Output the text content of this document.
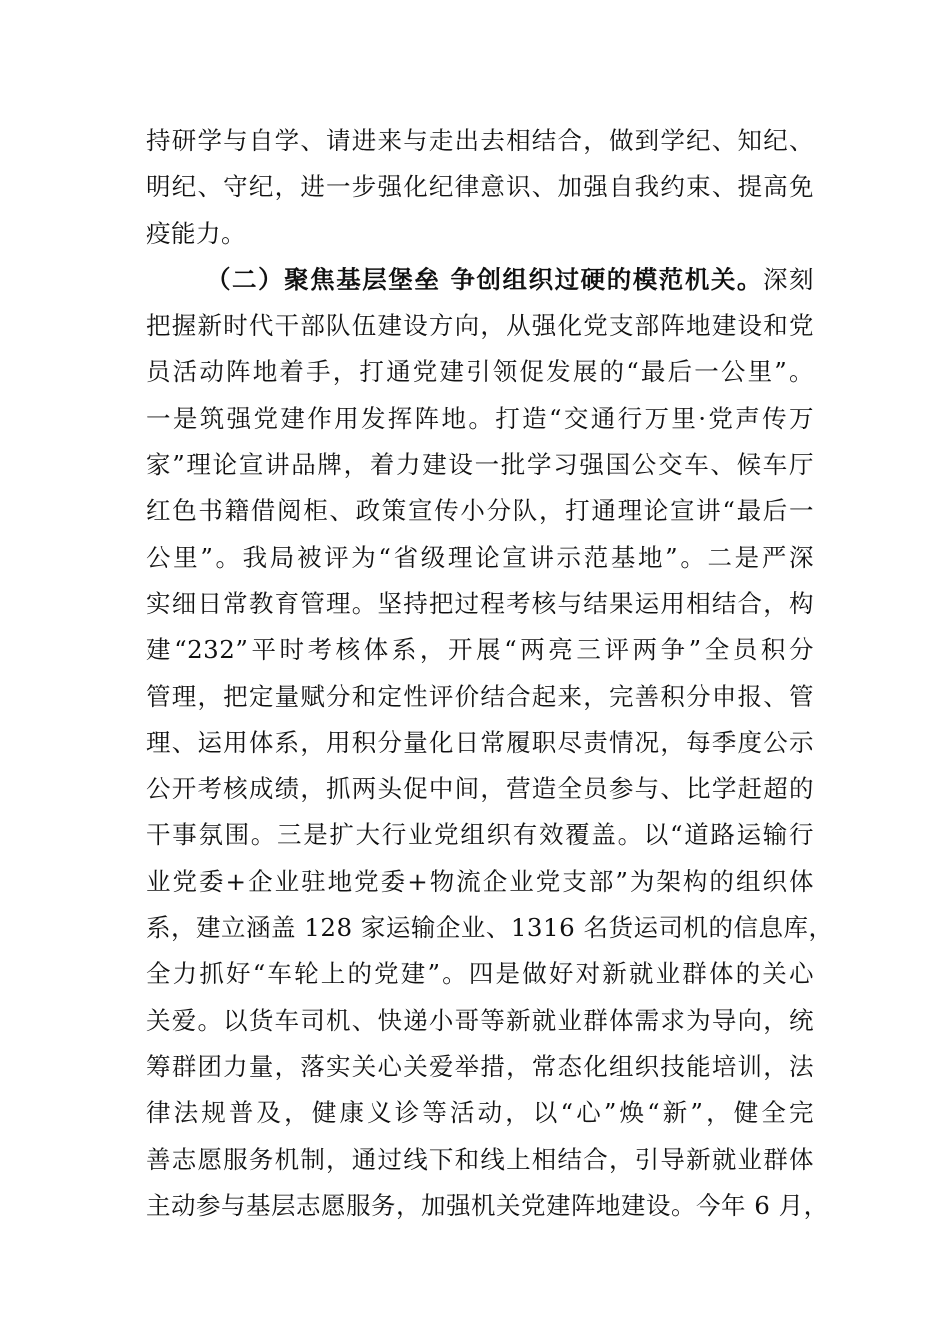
持研学与自学、请进来与走出去相结合，做到学纪、知纪、
明纪、守纪，进一步强化纪律意识、加强自我约束、提高免
疫能力。
（二）聚焦基层堡垒 争创组织过硬的模范机关。深刻
把握新时代干部队伍建设方向，从强化党支部阵地建设和党
员活动阵地着手，打通党建引领促发展的“最后一公里”。
一是筑强党建作用发挥阵地。打造“交通行万里·党声传万
家”理论宣讲品牌，着力建设一批学习强国公交车、候车厅
红色书籍借阅柜、政策宣传小分队，打通理论宣讲“最后一
公里”。我局被评为“省级理论宣讲示范基地”。二是严深
实细日常教育管理。坚持把过程考核与结果运用相结合，构
建“232”平时考核体系，开展“两亮三评两争”全员积分
管理，把定量赋分和定性评价结合起来，完善积分申报、管
理、运用体系，用积分量化日常履职尽责情况，每季度公示
公开考核成绩，抓两头促中间，营造全员参与、比学赶超的
干事氛围。三是扩大行业党组织有效覆盖。以“道路运输行
业党委+企业驻地党委+物流企业党支部”为架构的组织体
系，建立涵盖 128 家运输企业、1316 名货运司机的信息库，
全力抓好“车轮上的党建”。四是做好对新就业群体的关心
关爱。以货车司机、快递小哥等新就业群体需求为导向，统
筹群团力量，落实关心关爱举措，常态化组织技能培训，法
律法规普及，健康义诊等活动，以“心”焕“新”，健全完
善志愿服务机制，通过线下和线上相结合，引导新就业群体
主动参与基层志愿服务，加强机关党建阵地建设。今年 6 月，
